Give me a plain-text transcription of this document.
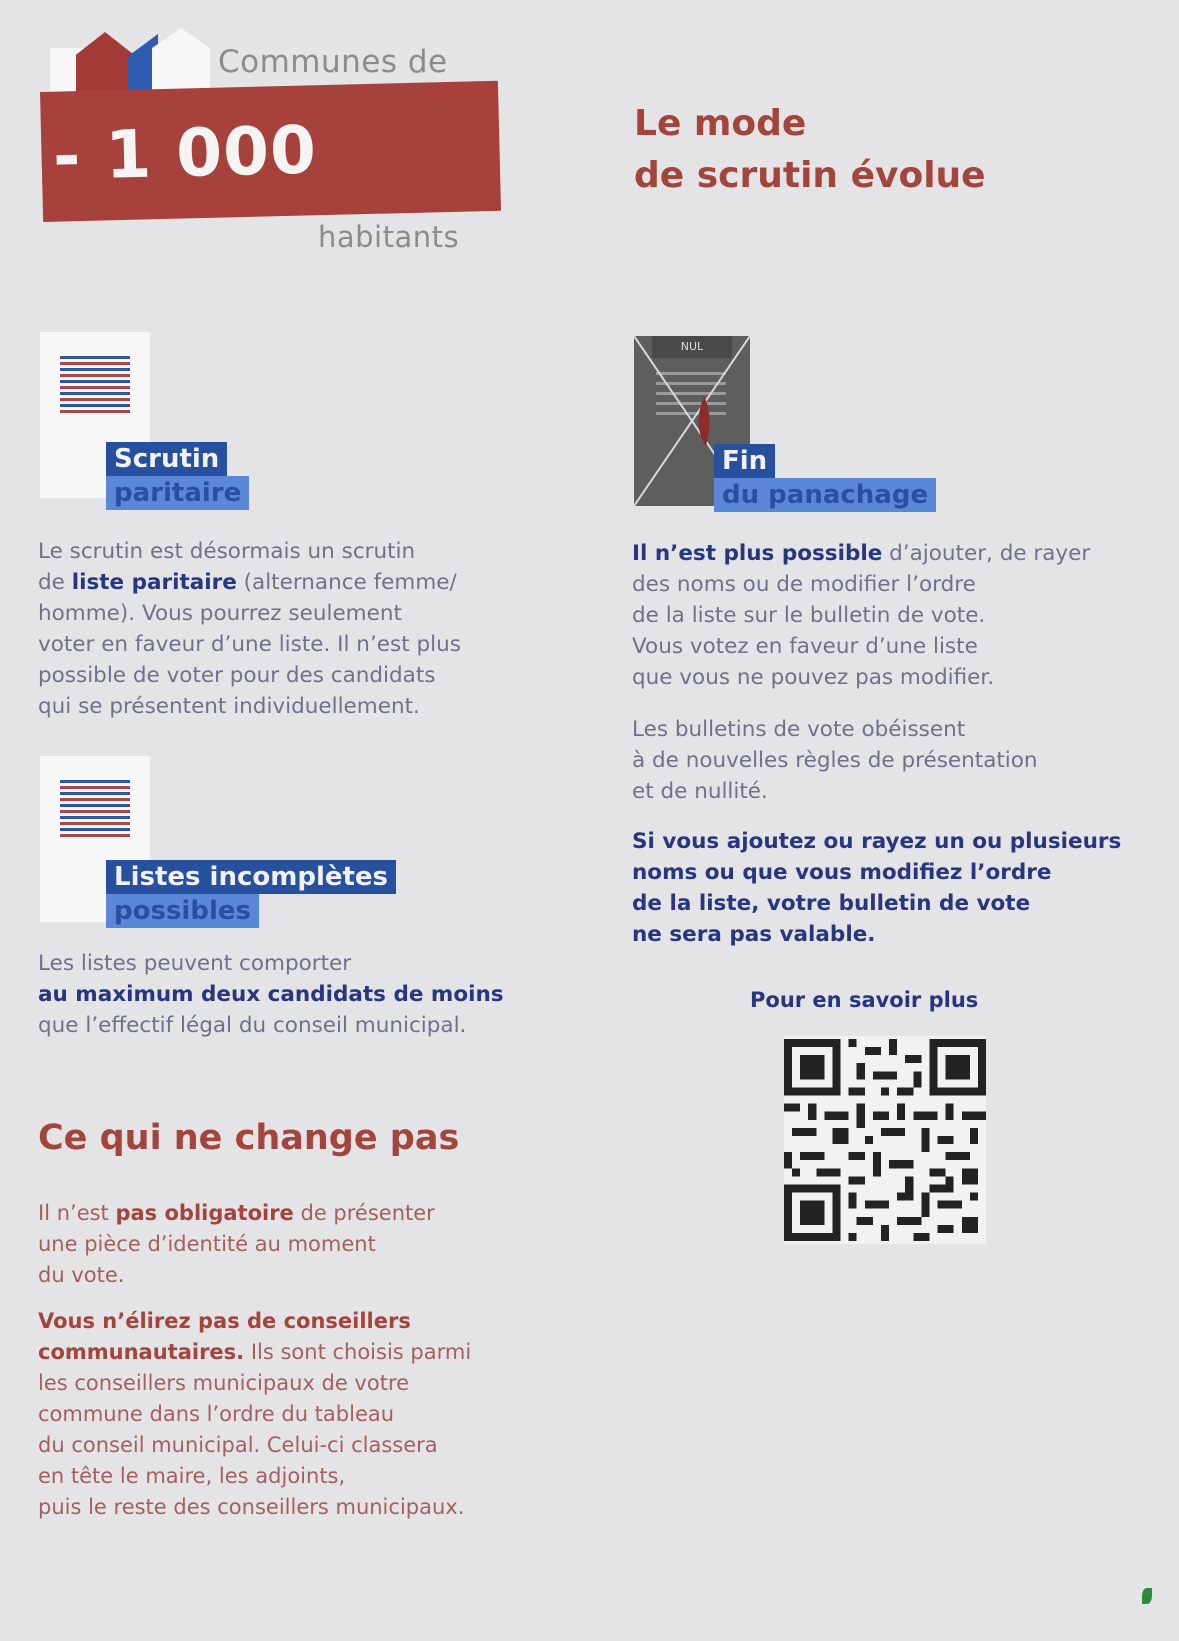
Communes de
- 1 000
habitants
Le mode
de scrutin évolue
Scrutin
paritaire
Le scrutin est désormais un scrutin
de liste paritaire (alternance femme/
homme). Vous pourrez seulement
voter en faveur d’une liste. Il n’est plus
possible de voter pour des candidats
qui se présentent individuellement.
Listes incomplètes
possibles
Les listes peuvent comporter
au maximum deux candidats de moins
que l’effectif légal du conseil municipal.
NUL
Fin
du panachage
Il n’est plus possible d’ajouter, de rayer
des noms ou de modifier l’ordre
de la liste sur le bulletin de vote.
Vous votez en faveur d’une liste
que vous ne pouvez pas modifier.
Les bulletins de vote obéissent
à de nouvelles règles de présentation
et de nullité.
Si vous ajoutez ou rayez un ou plusieurs
noms ou que vous modifiez l’ordre
de la liste, votre bulletin de vote
ne sera pas valable.
Pour en savoir plus
Ce qui ne change pas
Il n’est pas obligatoire de présenter
une pièce d’identité au moment
du vote.
Vous n’élirez pas de conseillers
communautaires. Ils sont choisis parmi
les conseillers municipaux de votre
commune dans l’ordre du tableau
du conseil municipal. Celui-ci classera
en tête le maire, les adjoints,
puis le reste des conseillers municipaux.
